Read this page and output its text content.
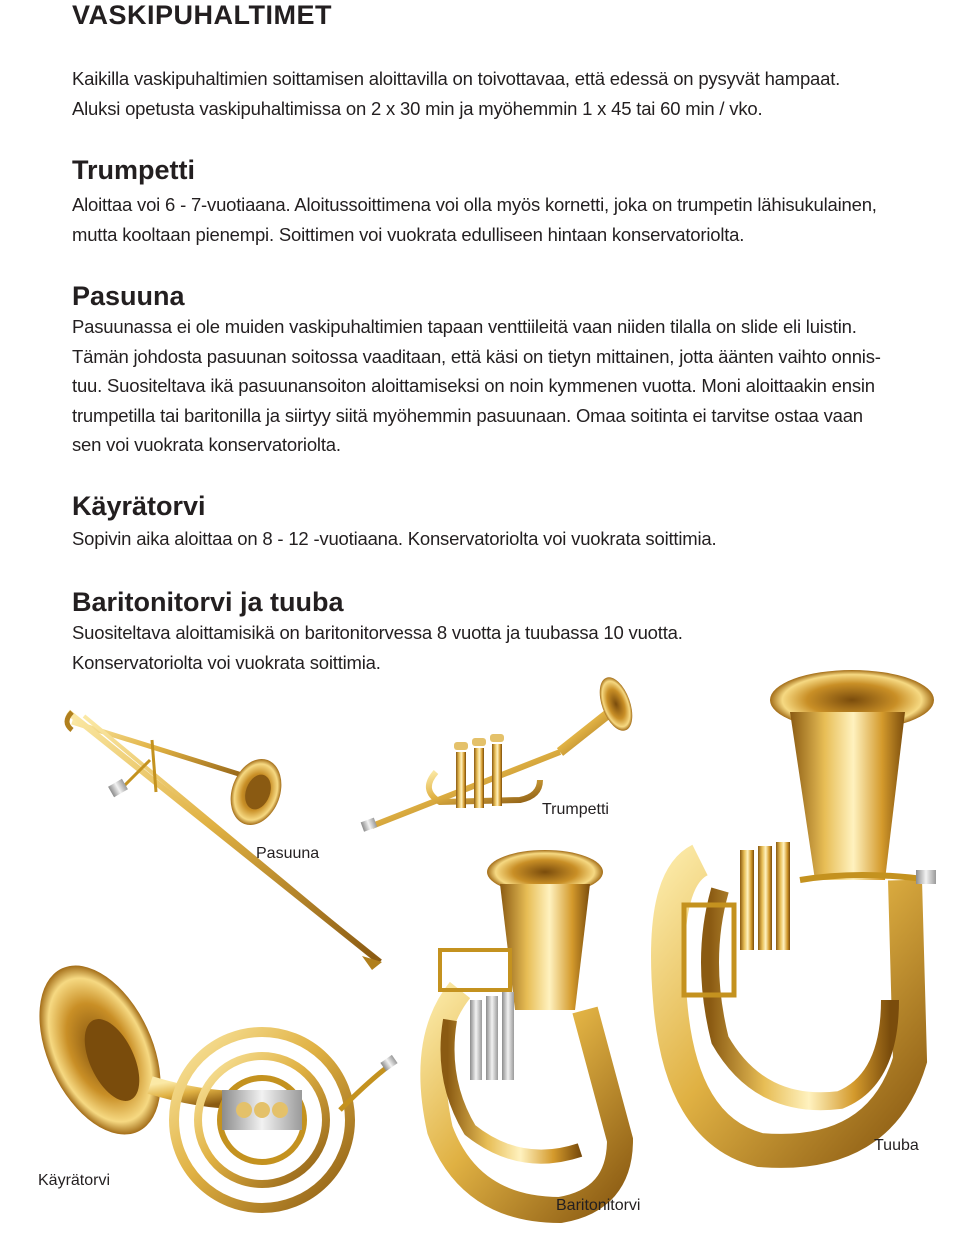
VASKIPUHALTIMET

Kaikilla vaskipuhaltimien soittamisen aloittavilla on toivottavaa, että edessä on pysyvät hampaat.

Aluksi opetusta vaskipuhaltimissa on 2 x 30 min ja myöhemmin 1 x 45 tai 60 min / vko.

Trumpetti

Aloittaa voi 6 - 7-vuotiaana. Aloitussoittimena voi olla myös kornetti, joka on trumpetin lähisukulainen,

mutta kooltaan pienempi. Soittimen voi vuokrata edulliseen hintaan konservatoriolta.

Pasuuna

Pasuunassa ei ole muiden vaskipuhaltimien tapaan venttiileitä vaan niiden tilalla on slide eli luistin.

Tämän johdosta pasuunan soitossa vaaditaan, että käsi on tietyn mittainen, jotta äänten vaihto onnis-

tuu. Suositeltava ikä pasuunansoiton aloittamiseksi on noin kymmenen vuotta. Moni aloittaakin ensin

trumpetilla tai baritonilla ja siirtyy siitä myöhemmin pasuunaan. Omaa soitinta ei tarvitse ostaa vaan

sen voi vuokrata konservatoriolta.

Käyrätorvi

Sopivin aika aloittaa on 8 - 12 -vuotiaana. Konservatoriolta voi vuokrata soittimia.

Baritonitorvi ja tuuba

Suositeltava aloittamisikä on baritonitorvessa 8 vuotta ja tuubassa 10 vuotta.

Konservatoriolta voi vuokrata soittimia.

Trumpetti
Pasuuna
Tuuba
Käyrätorvi
Baritonitorvi
